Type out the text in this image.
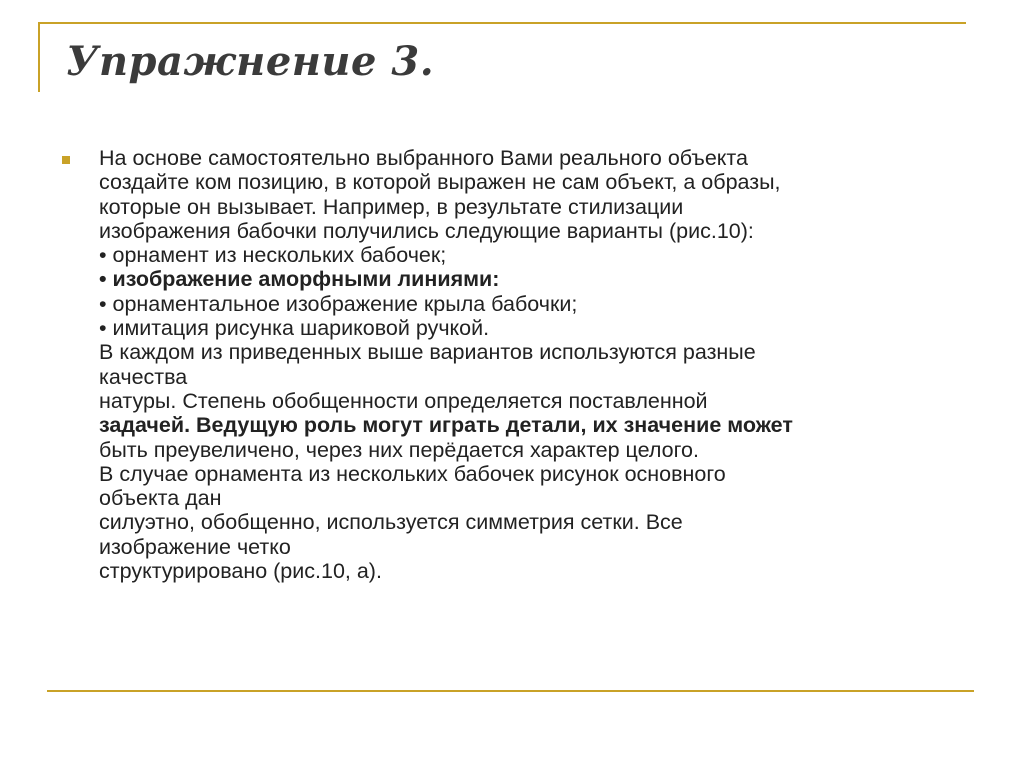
Упражнение 3.
На основе самостоятельно выбранного Вами реального объекта
создайте ком позицию, в которой выражен не сам объект, а образы,
которые он вызывает. Например, в результате стилизации
изображения бабочки получились следующие варианты (рис.10):
• орнамент из нескольких бабочек;
• изображение аморфными линиями:
• орнаментальное изображение крыла бабочки;
• имитация рисунка шариковой ручкой.
В каждом из приведенных выше вариантов используются разные
качества
натуры. Степень обобщенности определяется поставленной
задачей. Ведущую роль могут играть детали, их значение может
быть преувеличено, через них перёдается характер целого.
В случае орнамента из нескольких бабочек рисунок основного
объекта дан
силуэтно, обобщенно, используется симметрия сетки. Все
изображение четко
структурировано (рис.10, а).
